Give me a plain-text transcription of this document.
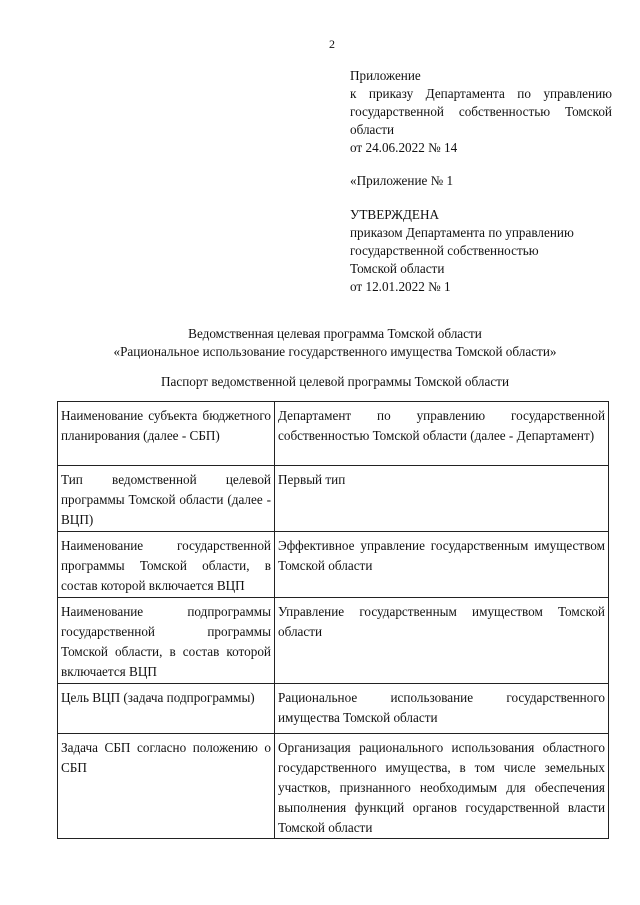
2
Приложение
к приказу Департамента по управлению
государственной собственностью Томской
области
от 24.06.2022 № 14
«Приложение № 1
УТВЕРЖДЕНА
приказом Департамента по управлению
государственной собственностью
Томской области
от 12.01.2022 № 1
Ведомственная целевая программа Томской области
«Рациональное использование государственного имущества Томской области»
Паспорт ведомственной целевой программы Томской области
Наименование субъекта бюджетного планирования (далее - СБП)	Департамент по управлению государственной собственностью Томской области (далее - Департамент)

Тип ведомственной целевой программы Томской области (далее - ВЦП)	Первый тип

Наименование государственной программы Томской области, в состав которой включается ВЦП	Эффективное управление государственным имуществом Томской области

Наименование подпрограммы государственной программы Томской области, в состав которой включается ВЦП	Управление государственным имуществом Томской области

Цель ВЦП (задача подпрограммы)	Рациональное использование государственного имущества Томской области

Задача СБП согласно положению о СБП	Организация рационального использования областного государственного имущества, в том числе земельных участков, признанного необходимым для обеспечения выполнения функций органов государственной власти Томской области
